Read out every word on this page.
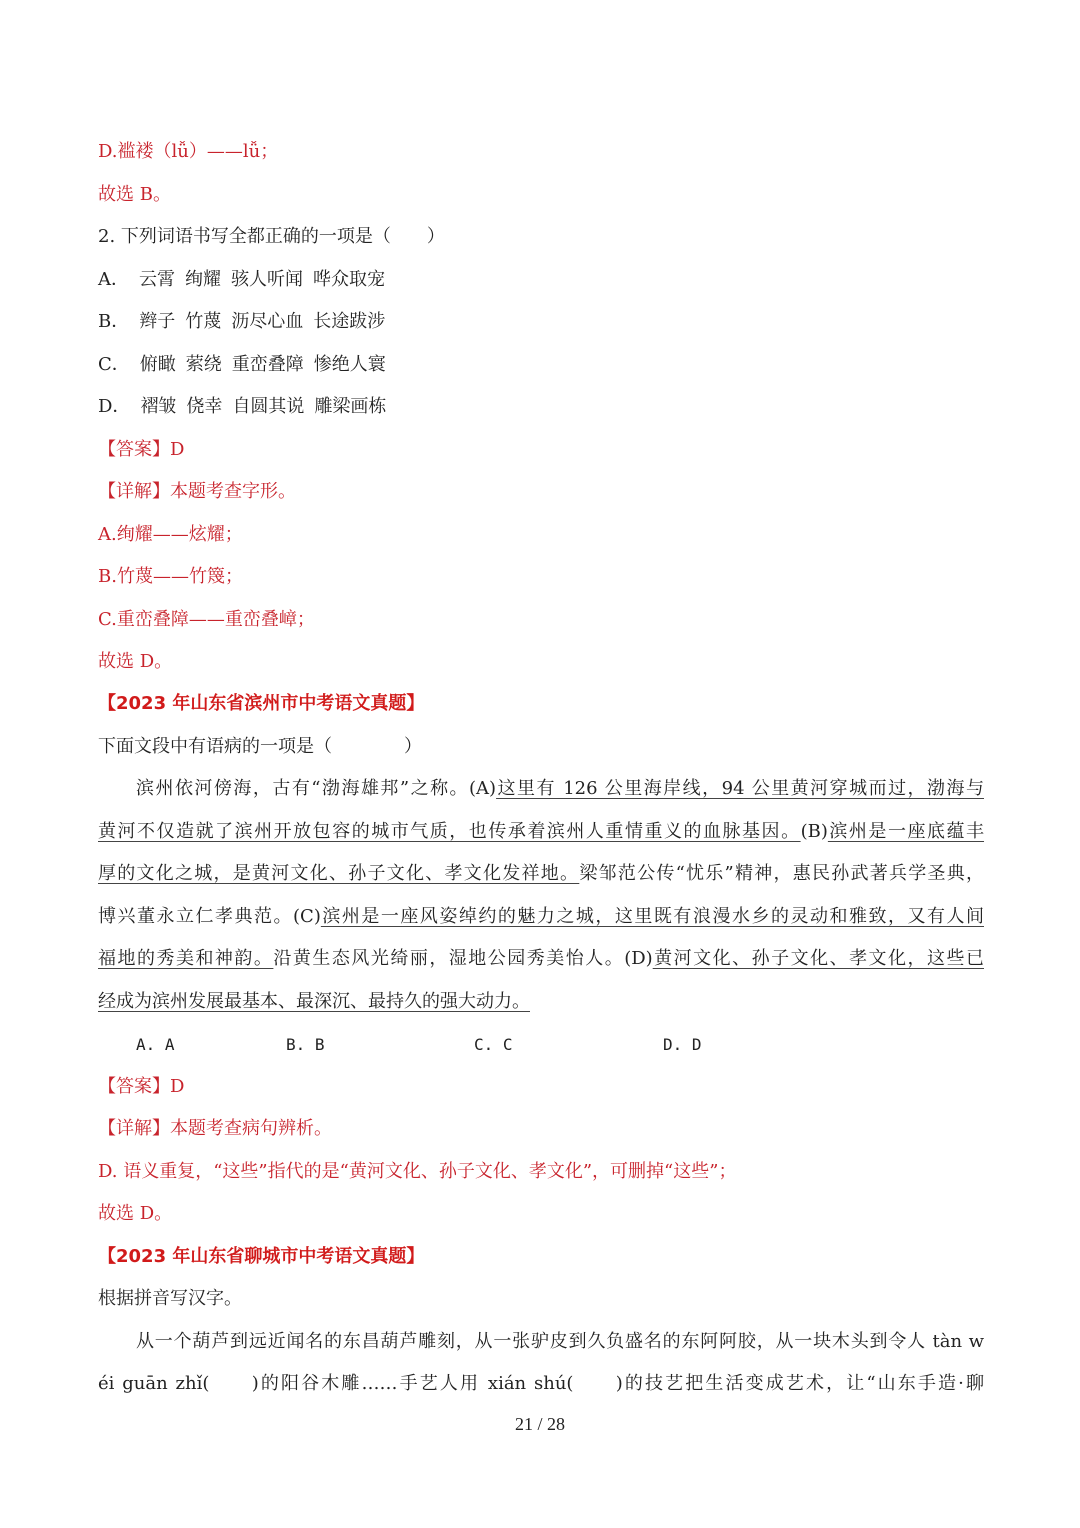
D.褴褛（lǚ）——lǚ；
故选 B。
2. 下列词语书写全都正确的一项是（　　）
A． 云霄 绚耀 骇人听闻 哗众取宠
B． 辫子 竹蔑 沥尽心血 长途跋涉
C． 俯瞰 萦绕 重峦叠障 惨绝人寰
D． 褶皱 侥幸 自圆其说 雕梁画栋
【答案】D
【详解】本题考查字形。
A.绚耀——炫耀；
B.竹蔑——竹篾；
C.重峦叠障——重峦叠嶂；
故选 D。
【2023 年山东省滨州市中考语文真题】
下面文段中有语病的一项是（　　　　）
滨州依河傍海，古有“渤海雄邦”之称。(A)这里有 126 公里海岸线，94 公里黄河穿城而过，渤海与
黄河不仅造就了滨州开放包容的城市气质，也传承着滨州人重情重义的血脉基因。(B)滨州是一座底蕴丰
厚的文化之城，是黄河文化、孙子文化、孝文化发祥地。梁邹范公传“忧乐”精神，惠民孙武著兵学圣典，
博兴董永立仁孝典范。(C)滨州是一座风姿绰约的魅力之城，这里既有浪漫水乡的灵动和雅致，又有人间
福地的秀美和神韵。沿黄生态风光绮丽，湿地公园秀美怡人。(D)黄河文化、孙子文化、孝文化，这些已
经成为滨州发展最基本、最深沉、最持久的强大动力。
A. A	B. B	C. C	D. D
【答案】D
【详解】本题考查病句辨析。
D. 语义重复，“这些”指代的是“黄河文化、孙子文化、孝文化”，可删掉“这些”；
故选 D。
【2023 年山东省聊城市中考语文真题】
根据拼音写汉字。
从一个葫芦到远近闻名的东昌葫芦雕刻，从一张驴皮到久负盛名的东阿阿胶，从一块木头到令人 tàn w
éi guān zhǐ(　　)的阳谷木雕……手艺人用 xián shú(　　)的技艺把生活变成艺术，让“山东手造·聊
21 / 28
